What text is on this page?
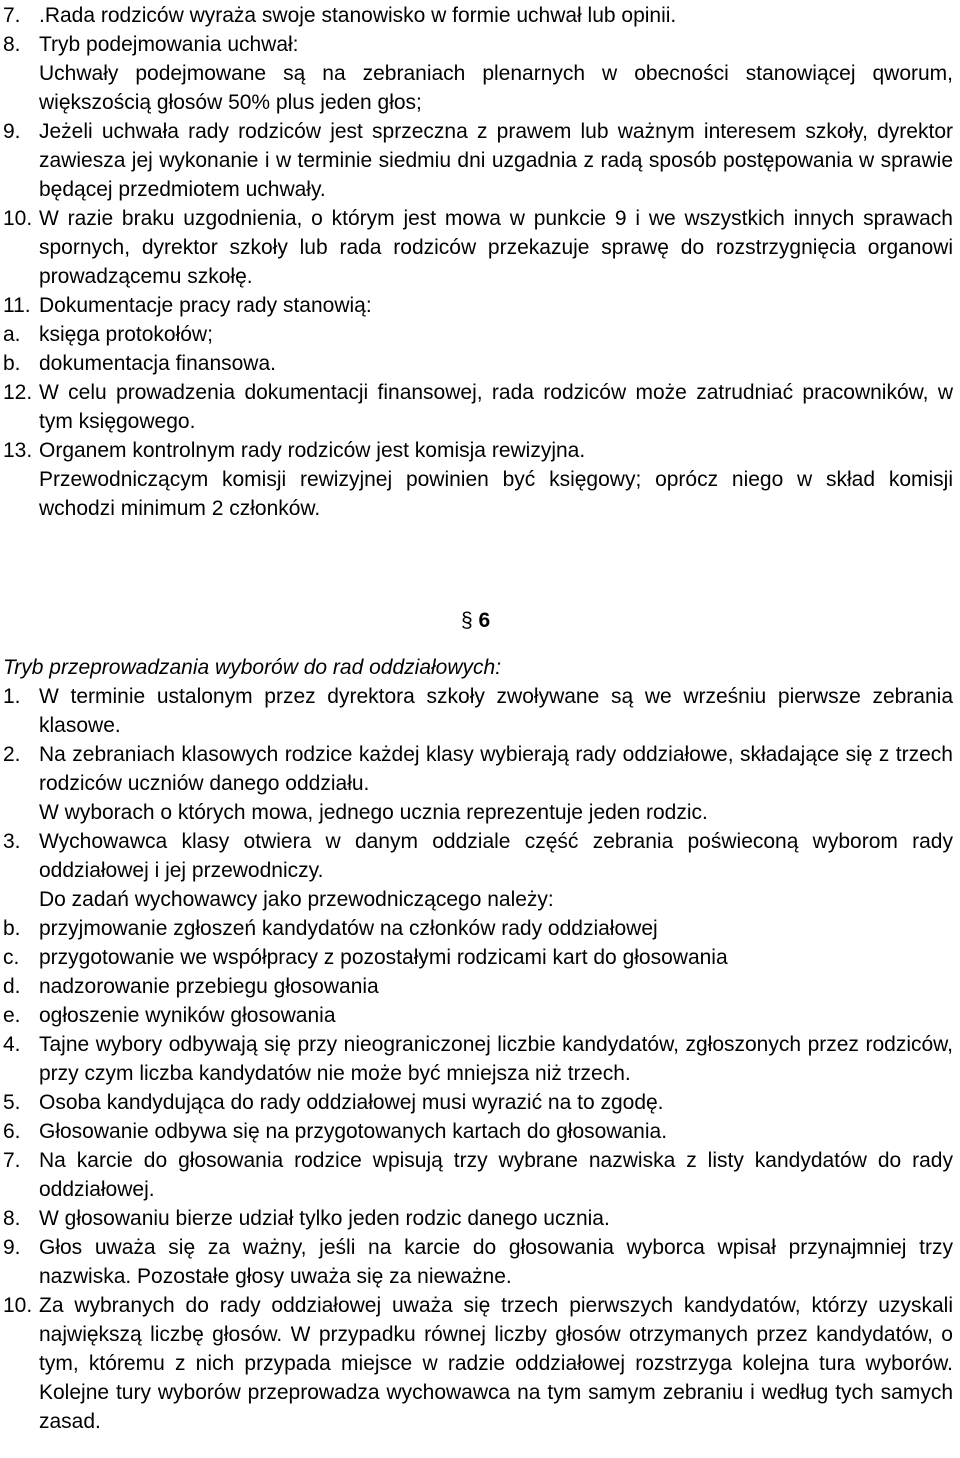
7. .Rada rodziców wyraża swoje stanowisko w formie uchwał lub opinii.
8. Tryb podejmowania uchwał:
Uchwały podejmowane są na zebraniach plenarnych w obecności stanowiącej qworum, większością głosów 50% plus jeden głos;
9. Jeżeli uchwała rady rodziców jest sprzeczna z prawem lub ważnym interesem szkoły, dyrektor zawiesza jej wykonanie i w terminie siedmiu dni uzgadnia z radą sposób postępowania w sprawie będącej przedmiotem uchwały.
10. W razie braku uzgodnienia, o którym jest mowa w punkcie 9 i we wszystkich innych sprawach spornych, dyrektor szkoły lub rada rodziców przekazuje sprawę do rozstrzygnięcia organowi prowadzącemu szkołę.
11. Dokumentacje pracy rady stanowią:
a. księga protokołów;
b. dokumentacja finansowa.
12. W celu prowadzenia dokumentacji finansowej, rada rodziców może zatrudniać pracowników, w tym księgowego.
13. Organem kontrolnym rady rodziców jest komisja rewizyjna.
Przewodniczącym komisji rewizyjnej powinien być księgowy; oprócz niego w skład komisji wchodzi minimum 2 członków.
§ 6
Tryb przeprowadzania wyborów do rad oddziałowych:
1. W terminie ustalonym przez dyrektora szkoły zwoływane są we wrześniu pierwsze zebrania klasowe.
2. Na zebraniach klasowych rodzice każdej klasy wybierają rady oddziałowe, składające się z trzech rodziców uczniów danego oddziału.
W wyborach o których mowa, jednego ucznia reprezentuje jeden rodzic.
3. Wychowawca klasy otwiera w danym oddziale część zebrania poświeconą wyborom rady oddziałowej i jej przewodniczy.
Do zadań wychowawcy jako przewodniczącego należy:
b. przyjmowanie zgłoszeń kandydatów na członków rady oddziałowej
c. przygotowanie we współpracy z pozostałymi rodzicami kart do głosowania
d. nadzorowanie przebiegu głosowania
e. ogłoszenie wyników głosowania
4. Tajne wybory odbywają się przy nieograniczonej liczbie kandydatów, zgłoszonych przez rodziców, przy czym liczba kandydatów nie może być mniejsza niż trzech.
5. Osoba kandydująca do rady oddziałowej musi wyrazić na to zgodę.
6. Głosowanie odbywa się na przygotowanych kartach do głosowania.
7. Na karcie do głosowania rodzice wpisują trzy wybrane nazwiska z listy kandydatów do rady oddziałowej.
8. W głosowaniu bierze udział tylko jeden rodzic danego ucznia.
9. Głos uważa się za ważny, jeśli na karcie do głosowania wyborca wpisał przynajmniej trzy nazwiska. Pozostałe głosy uważa się za nieważne.
10. Za wybranych do rady oddziałowej uważa się trzech pierwszych kandydatów, którzy uzyskali największą liczbę głosów. W przypadku równej liczby głosów otrzymanych przez kandydatów, o tym, któremu z nich przypada miejsce w radzie oddziałowej rozstrzyga kolejna tura wyborów. Kolejne tury wyborów przeprowadza wychowawca na tym samym zebraniu i według tych samych zasad.
